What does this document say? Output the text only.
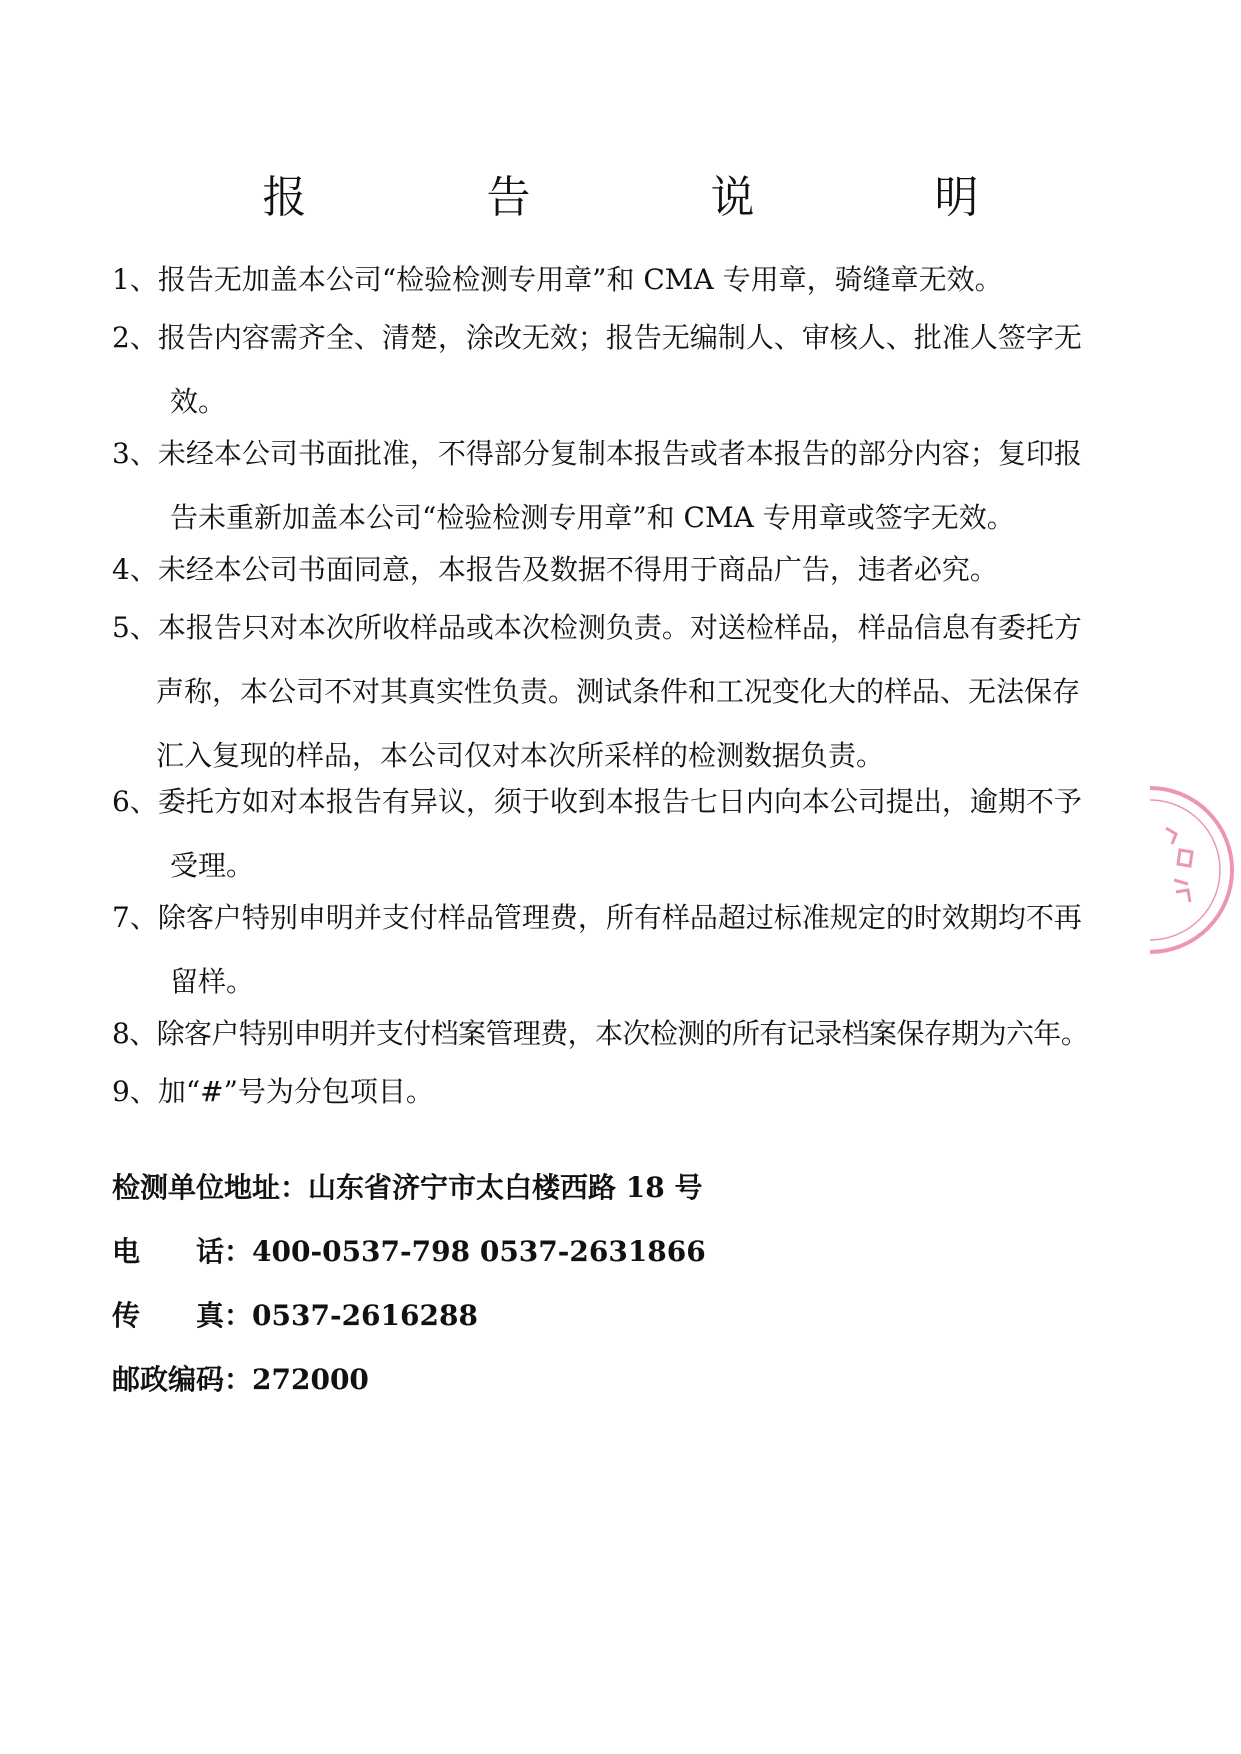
报　告　说　明
1、报告无加盖本公司“检验检测专用章”和 CMA 专用章，骑缝章无效。
2、报告内容需齐全、清楚，涂改无效；报告无编制人、审核人、批准人签字无
效。
3、未经本公司书面批准，不得部分复制本报告或者本报告的部分内容；复印报
告未重新加盖本公司“检验检测专用章”和 CMA 专用章或签字无效。
4、未经本公司书面同意，本报告及数据不得用于商品广告，违者必究。
5、本报告只对本次所收样品或本次检测负责。对送检样品，样品信息有委托方
声称，本公司不对其真实性负责。测试条件和工况变化大的样品、无法保存
汇入复现的样品，本公司仅对本次所采样的检测数据负责。
6、委托方如对本报告有异议，须于收到本报告七日内向本公司提出，逾期不予
受理。
7、除客户特别申明并支付样品管理费，所有样品超过标准规定的时效期均不再
留样。
8、除客户特别申明并支付档案管理费，本次检测的所有记录档案保存期为六年。
9、加“#”号为分包项目。
检测单位地址：山东省济宁市太白楼西路 18 号
电　　话：400-0537-798 0537-2631866
传　　真：0537-2616288
邮政编码：272000
